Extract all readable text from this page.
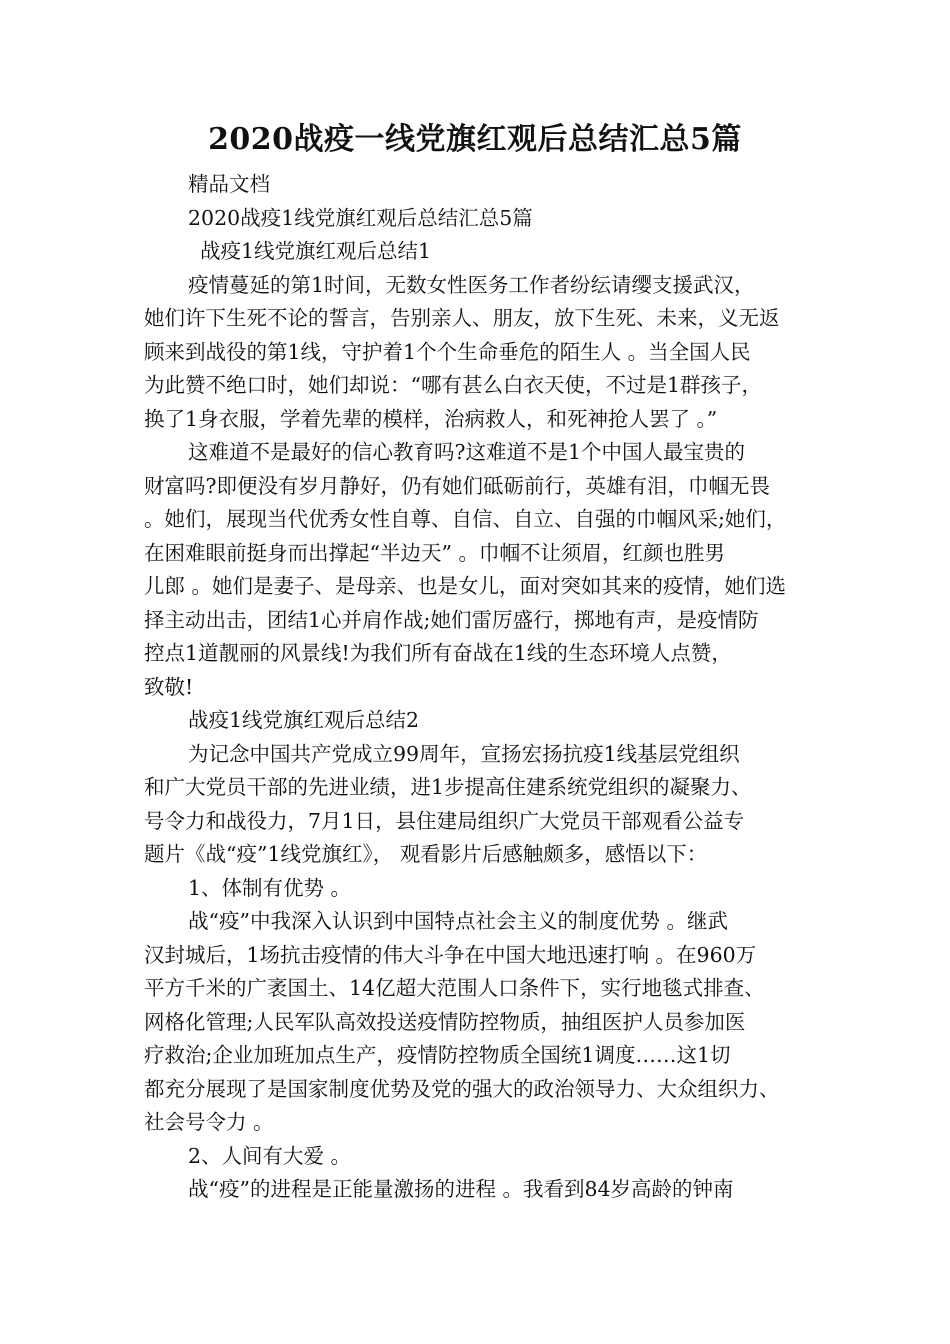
2020战疫一线党旗红观后总结汇总5篇
精品文档
2020战疫1线党旗红观后总结汇总5篇
战疫1线党旗红观后总结1
疫情蔓延的第1时间，无数女性医务工作者纷纭请缨支援武汉，
她们许下生死不论的誓言，告别亲人、朋友，放下生死、未来，义无返
顾来到战役的第1线，守护着1个个生命垂危的陌生人 。当全国人民
为此赞不绝口时，她们却说：“哪有甚么白衣天使，不过是1群孩子，
换了1身衣服，学着先辈的模样，治病救人，和死神抢人罢了 。”
这难道不是最好的信心教育吗?这难道不是1个中国人最宝贵的
财富吗?即便没有岁月静好，仍有她们砥砺前行，英雄有泪，巾帼无畏
。她们，展现当代优秀女性自尊、自信、自立、自强的巾帼风采;她们，
在困难眼前挺身而出撑起“半边天” 。巾帼不让须眉，红颜也胜男
儿郎 。她们是妻子、是母亲、也是女儿，面对突如其来的疫情，她们选
择主动出击，团结1心并肩作战;她们雷厉盛行，掷地有声，是疫情防
控点1道靓丽的风景线!为我们所有奋战在1线的生态环境人点赞，
致敬!
战疫1线党旗红观后总结2
为记念中国共产党成立99周年，宣扬宏扬抗疫1线基层党组织
和广大党员干部的先进业绩，进1步提高住建系统党组织的凝聚力、
号令力和战役力，7月1日，县住建局组织广大党员干部观看公益专
题片《战“疫”1线党旗红》， 观看影片后感触颇多，感悟以下：
1、体制有优势 。
战“疫”中我深入认识到中国特点社会主义的制度优势 。继武
汉封城后，1场抗击疫情的伟大斗争在中国大地迅速打响 。在960万
平方千米的广袤国土、14亿超大范围人口条件下，实行地毯式排查、
网格化管理;人民军队高效投送疫情防控物质，抽组医护人员参加医
疗救治;企业加班加点生产，疫情防控物质全国统1调度……这1切
都充分展现了是国家制度优势及党的强大的政治领导力、大众组织力、
社会号令力 。
2、人间有大爱 。
战“疫”的进程是正能量激扬的进程 。我看到84岁高龄的钟南
